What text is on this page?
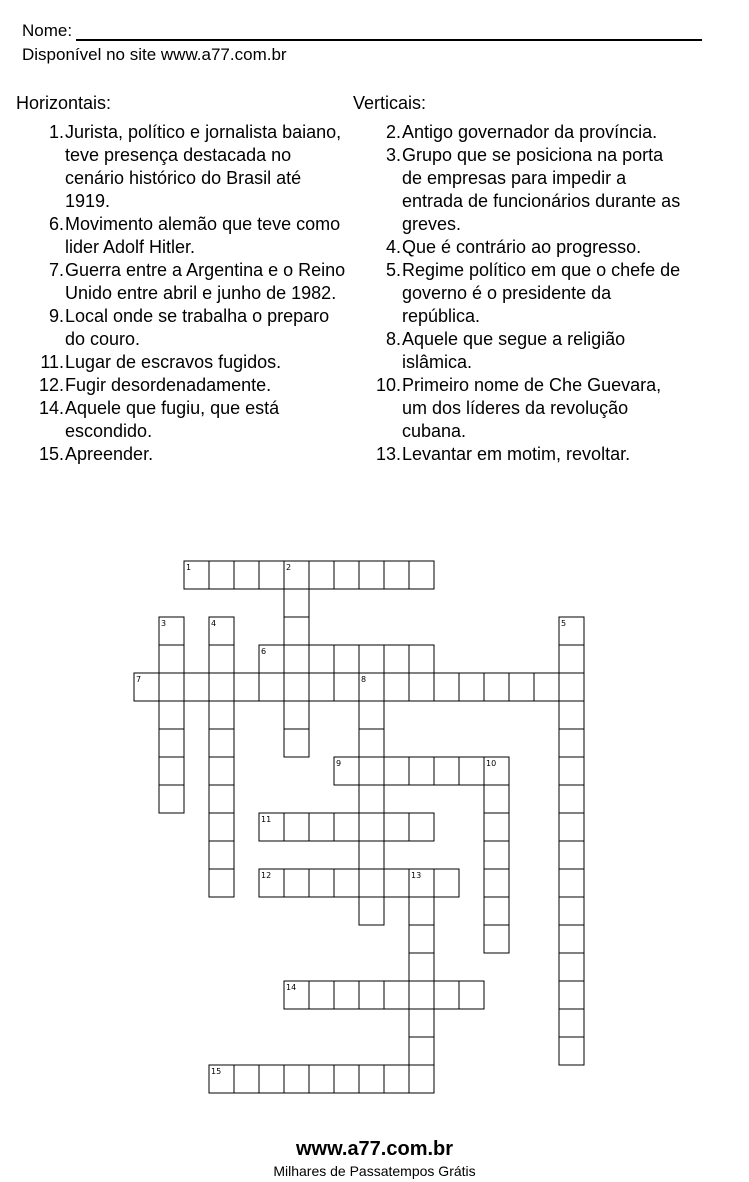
Nome:
Disponível no site www.a77.com.br
Horizontais:
1. Jurista, político e jornalista baiano, teve presença destacada no cenário histórico do Brasil até 1919.
6. Movimento alemão que teve como lider Adolf Hitler.
7. Guerra entre a Argentina e o Reino Unido entre abril e junho de 1982.
9. Local onde se trabalha o preparo do couro.
11. Lugar de escravos fugidos.
12. Fugir desordenadamente.
14. Aquele que fugiu, que está escondido.
15. Apreender.
Verticais:
2. Antigo governador da província.
3. Grupo que se posiciona na porta de empresas para impedir a entrada de funcionários durante as greves.
4. Que é contrário ao progresso.
5. Regime político em que o chefe de governo é o presidente da república.
8. Aquele que segue a religião islâmica.
10. Primeiro nome de Che Guevara, um dos líderes da revolução cubana.
13. Levantar em motim, revoltar.
1	2
3	4	5
6
7	8
9	10
11
12	13
14
15
www.a77.com.br
Milhares de Passatempos Grátis
